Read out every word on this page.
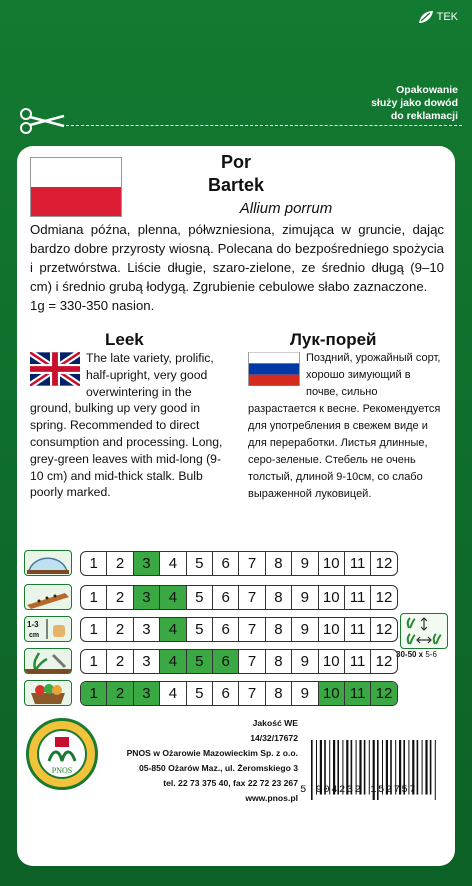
TEK
Opakowanie
służy jako dowód
do reklamacji
Por
Bartek
Allium porrum
Odmiana późna, plenna, półwzniesiona, zimująca w gruncie, dając bardzo dobre przyrosty wiosną. Polecana do bezpośredniego spożycia i przetwórstwa. Liście długie, szaro-zielone, ze średnio długą (9–10 cm) i średnio grubą łodygą. Zgrubienie cebulowe słabo zaznaczone.
1g = 330-350 nasion.
Leek	Лук-порей
The late variety, prolific, half-upright, very good overwintering in the ground, bulking up very good in spring. Recommended to direct consumption and processing. Long, grey-green leaves with mid-long (9-10 cm) and mid-thick stalk. Bulb poorly marked.
Поздний, урожайный сорт, хорошо зимующий в почве, сильно разрастается к весне. Рекомендуется для употребления в свежем виде и для переработки. Листья длинные, серо-зеленые. Стебель не очень толстый, длиной 9-10см, со слабо выраженной луковицей.
1	2	3	4	5	6	7	8	9 10 11 12
1	2	3	4	5	6	7	8	9 10 11 12
1-3
cm	1	2	3	4	5	6	7	8	9 10 11 12
1	2	3	4	5	6	7	8	9 10 11 12
1	2	3	4	5	6	7	8	9 10 11 12
30-50 x 5-6
PNOS
Jakość WE
14/32/17672
PNOS w Ożarowie Mazowieckim Sp. z o.o.
05-850 Ożarów Maz., ul. Żeromskiego 3
tel. 22 73 375 40, fax 22 72 23 267
www.pnos.pl
5 904232 152757
